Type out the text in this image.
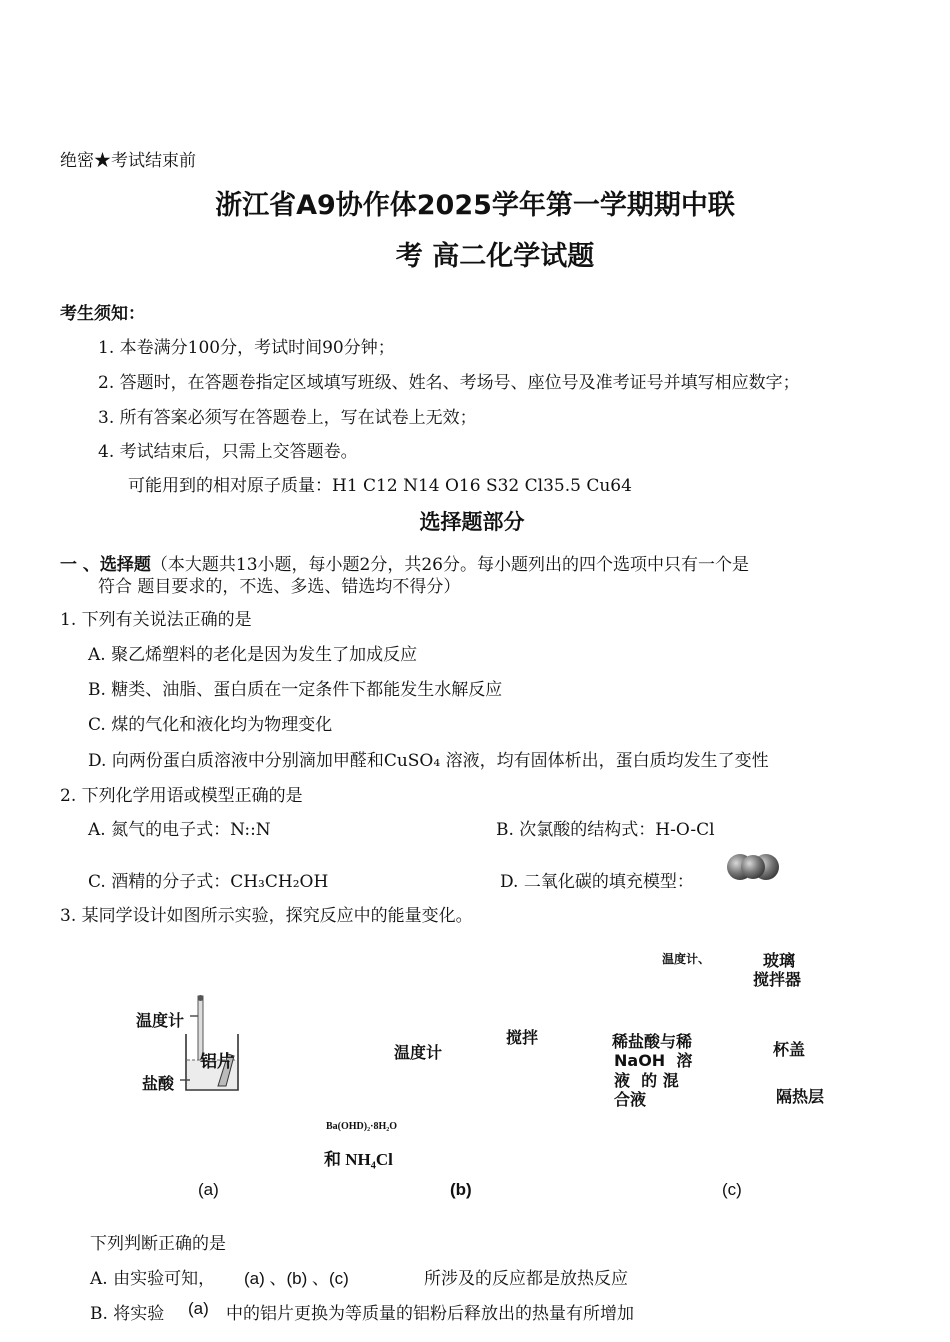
绝密★考试结束前
浙江省A9协作体2025学年第一学期期中联
考 高二化学试题
考生须知：
1. 本卷满分100分，考试时间90分钟；
2. 答题时，在答题卷指定区域填写班级、姓名、考场号、座位号及准考证号并填写相应数字；
3. 所有答案必须写在答题卷上，写在试卷上无效；
4. 考试结束后，只需上交答题卷。
可能用到的相对原子质量：H1 C12 N14 O16 S32 Cl35.5 Cu64
选择题部分
一 、选择题（本大题共13小题，每小题2分，共26分。每小题列出的四个选项中只有一个是
符合 题目要求的，不选、多选、错选均不得分）
1. 下列有关说法正确的是
A. 聚乙烯塑料的老化是因为发生了加成反应
B. 糖类、油脂、蛋白质在一定条件下都能发生水解反应
C. 煤的气化和液化均为物理变化
D. 向两份蛋白质溶液中分别滴加甲醛和CuSO₄ 溶液，均有固体析出，蛋白质均发生了变性
2. 下列化学用语或模型正确的是
A. 氮气的电子式：N::N	B. 次氯酸的结构式：H-O-Cl
C. 酒精的分子式：CH₃CH₂OH	D. 二氧化碳的填充模型：
3. 某同学设计如图所示实验，探究反应中的能量变化。
温度计
铝片
盐酸
(a)
温度计
搅拌
Ba(OHD)₂·8H₂O
和 NH₄Cl
(b)
温度计、	玻璃
搅拌器
稀盐酸与稀
NaOH  溶
液  的 混
合液
杯盖
隔热层
(c)
下列判断正确的是
A. 由实验可知， (a) 、(b) 、(c)	所涉及的反应都是放热反应
B. 将实验 (a) 中的铝片更换为等质量的铝粉后释放出的热量有所增加
